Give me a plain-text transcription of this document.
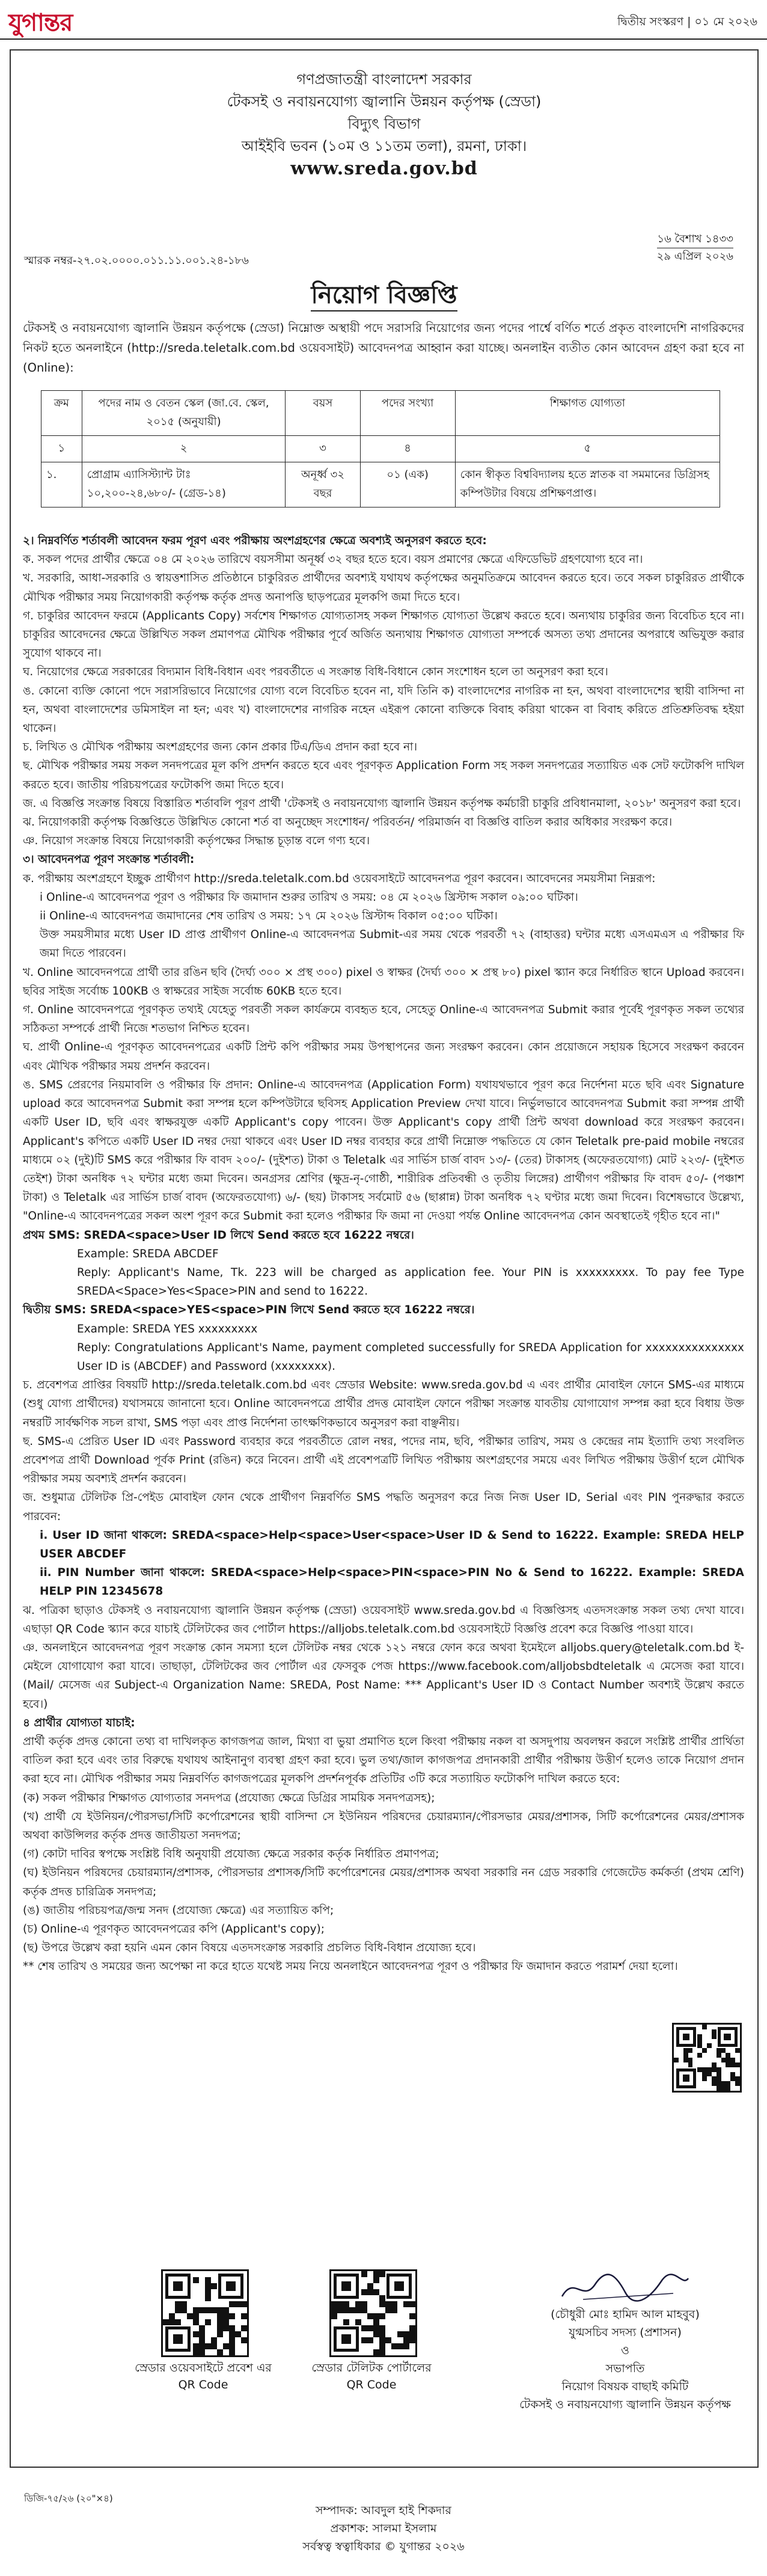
যুগান্তর	দ্বিতীয় সংস্করণ | ০১ মে ২০২৬
গণপ্রজাতন্ত্রী বাংলাদেশ সরকার
টেকসই ও নবায়নযোগ্য জ্বালানি উন্নয়ন কর্তৃপক্ষ (স্রেডা)
বিদ্যুৎ বিভাগ
আইইবি ভবন (১০ম ও ১১তম তলা), রমনা, ঢাকা।
www.sreda.gov.bd
স্মারক নম্বর-২৭.০২.০০০০.০১১.১১.০০১.২৪-১৮৬
১৬ বৈশাখ ১৪৩৩
২৯ এপ্রিল ২০২৬
নিয়োগ বিজ্ঞপ্তি
টেকসই ও নবায়নযোগ্য জ্বালানি উন্নয়ন কর্তৃপক্ষে (স্রেডা) নিম্নোক্ত অস্থায়ী পদে সরাসরি নিয়োগের জন্য পদের পার্শ্বে বর্ণিত শর্তে প্রকৃত বাংলাদেশি নাগরিকদের নিকট হতে অনলাইনে (http://sreda.teletalk.com.bd ওয়েবসাইট) আবেদনপত্র আহ্বান করা যাচ্ছে। অনলাইন ব্যতীত কোন আবেদন গ্রহণ করা হবে না (Online):
ক্রম	পদের নাম ও বেতন স্কেল (জা.বে. স্কেল, ২০১৫ (অনুযায়ী)	বয়স	পদের সংখ্যা	শিক্ষাগত যোগ্যতা
১	২	৩	৪	৫
১.	প্রোগ্রাম এ্যাসিস্ট্যান্ট টাঃ ১০,২০০-২৪,৬৮০/- (গ্রেড-১৪)	অনূর্ধ্ব ৩২ বছর	০১ (এক)	কোন স্বীকৃত বিশ্ববিদ্যালয় হতে স্নাতক বা সমমানের ডিগ্রিসহ কম্পিউটার বিষয়ে প্রশিক্ষণপ্রাপ্ত।

২। নিম্নবর্ণিত শর্তাবলী আবেদন ফরম পূরণ এবং পরীক্ষায় অংশগ্রহণের ক্ষেত্রে অবশ্যই অনুসরণ করতে হবে:

ক. সকল পদের প্রার্থীর ক্ষেত্রে ০৪ মে ২০২৬ তারিখে বয়সসীমা অনূর্ধ্ব ৩২ বছর হতে হবে। বয়স প্রমাণের ক্ষেত্রে এফিডেভিট গ্রহণযোগ্য হবে না।

খ. সরকারি, আধা-সরকারি ও স্বায়ত্তশাসিত প্রতিষ্ঠানে চাকুরিরত প্রার্থীদের অবশ্যই যথাযথ কর্তৃপক্ষের অনুমতিক্রমে আবেদন করতে হবে। তবে সকল চাকুরিরত প্রার্থীকে মৌখিক পরীক্ষার সময় নিয়োগকারী কর্তৃপক্ষ কর্তৃক প্রদত্ত অনাপত্তি ছাড়পত্রের মূলকপি জমা দিতে হবে।

গ. চাকুরির আবেদন ফরমে (Applicants Copy) সর্বশেষ শিক্ষাগত যোগ্যতাসহ সকল শিক্ষাগত যোগ্যতা উল্লেখ করতে হবে। অন্যথায় চাকুরির জন্য বিবেচিত হবে না। চাকুরির আবেদনের ক্ষেত্রে উল্লিখিত সকল প্রমাণপত্র মৌখিক পরীক্ষার পূর্বে অর্জিত অন্যথায় শিক্ষাগত যোগ্যতা সম্পর্কে অসত্য তথ্য প্রদানের অপরাধে অভিযুক্ত করার সুযোগ থাকবে না।

ঘ. নিয়োগের ক্ষেত্রে সরকারের বিদ্যমান বিধি-বিধান এবং পরবর্তীতে এ সংক্রান্ত বিধি-বিধানে কোন সংশোধন হলে তা অনুসরণ করা হবে।

ঙ. কোনো ব্যক্তি কোনো পদে সরাসরিভাবে নিয়োগের যোগ্য বলে বিবেচিত হবেন না, যদি তিনি ক) বাংলাদেশের নাগরিক না হন, অথবা বাংলাদেশের স্থায়ী বাসিন্দা না হন, অথবা বাংলাদেশের ডমিসাইল না হন; এবং খ) বাংলাদেশের নাগরিক নহেন এইরূপ কোনো ব্যক্তিকে বিবাহ করিয়া থাকেন বা বিবাহ করিতে প্রতিশ্রুতিবদ্ধ হইয়া থাকেন।

চ. লিখিত ও মৌখিক পরীক্ষায় অংশগ্রহণের জন্য কোন প্রকার টিএ/ডিএ প্রদান করা হবে না।

ছ. মৌখিক পরীক্ষার সময় সকল সনদপত্রের মূল কপি প্রদর্শন করতে হবে এবং পূরণকৃত Application Form সহ সকল সনদপত্রের সত্যায়িত এক সেট ফটোকপি দাখিল করতে হবে। জাতীয় পরিচয়পত্রের ফটোকপি জমা দিতে হবে।

জ. এ বিজ্ঞপ্তি সংক্রান্ত বিষয়ে বিস্তারিত শর্তাবলি পূরণ প্রার্থী 'টেকসই ও নবায়নযোগ্য জ্বালানি উন্নয়ন কর্তৃপক্ষ কর্মচারী চাকুরি প্রবিধানমালা, ২০১৮' অনুসরণ করা হবে।

ঝ. নিয়োগকারী কর্তৃপক্ষ বিজ্ঞপ্তিতে উল্লিখিত কোনো শর্ত বা অনুচ্ছেদ সংশোধন/ পরিবর্তন/ পরিমার্জন বা বিজ্ঞপ্তি বাতিল করার অধিকার সংরক্ষণ করে।

ঞ. নিয়োগ সংক্রান্ত বিষয়ে নিয়োগকারী কর্তৃপক্ষের সিদ্ধান্ত চূড়ান্ত বলে গণ্য হবে।

৩। আবেদনপত্র পূরণ সংক্রান্ত শর্তাবলী:

ক. পরীক্ষায় অংশগ্রহণে ইচ্ছুক প্রার্থীগণ http://sreda.teletalk.com.bd ওয়েবসাইটে আবেদনপত্র পূরণ করবেন। আবেদনের সময়সীমা নিম্নরূপ:

i Online-এ আবেদনপত্র পূরণ ও পরীক্ষার ফি জমাদান শুরুর তারিখ ও সময়: ০৪ মে ২০২৬ খ্রিস্টাব্দ সকাল ০৯:০০ ঘটিকা।

ii Online-এ আবেদনপত্র জমাদানের শেষ তারিখ ও সময়: ১৭ মে ২০২৬ খ্রিস্টাব্দ বিকাল ০৫:০০ ঘটিকা।

উক্ত সময়সীমার মধ্যে User ID প্রাপ্ত প্রার্থীগণ Online-এ আবেদনপত্র Submit-এর সময় থেকে পরবর্তী ৭২ (বাহাত্তর) ঘন্টার মধ্যে এসএমএস এ পরীক্ষার ফি জমা দিতে পারবেন।

খ. Online আবেদনপত্রে প্রার্থী তার রঙিন ছবি (দৈর্ঘ্য ৩০০ × প্রস্থ ৩০০) pixel ও স্বাক্ষর (দৈর্ঘ্য ৩০০ × প্রস্থ ৮০) pixel স্ক্যান করে নির্ধারিত স্থানে Upload করবেন। ছবির সাইজ সর্বোচ্চ 100KB ও স্বাক্ষরের সাইজ সর্বোচ্চ 60KB হতে হবে।

গ. Online আবেদনপত্রে পূরণকৃত তথ্যই যেহেতু পরবর্তী সকল কার্যক্রমে ব্যবহৃত হবে, সেহেতু Online-এ আবেদনপত্র Submit করার পূর্বেই পূরণকৃত সকল তথ্যের সঠিকতা সম্পর্কে প্রার্থী নিজে শতভাগ নিশ্চিত হবেন।

ঘ. প্রার্থী Online-এ পূরণকৃত আবেদনপত্রের একটি প্রিন্ট কপি পরীক্ষার সময় উপস্থাপনের জন্য সংরক্ষণ করবেন। কোন প্রয়োজনে সহায়ক হিসেবে সংরক্ষণ করবেন এবং মৌখিক পরীক্ষার সময় প্রদর্শন করবেন।

ঙ. SMS প্রেরণের নিয়মাবলি ও পরীক্ষার ফি প্রদান: Online-এ আবেদনপত্র (Application Form) যথাযথভাবে পূরণ করে নির্দেশনা মতে ছবি এবং Signature upload করে আবেদনপত্র Submit করা সম্পন্ন হলে কম্পিউটারে ছবিসহ Application Preview দেখা যাবে। নির্ভুলভাবে আবেদনপত্র Submit করা সম্পন্ন প্রার্থী একটি User ID, ছবি এবং স্বাক্ষরযুক্ত একটি Applicant's copy পাবেন। উক্ত Applicant's copy প্রার্থী প্রিন্ট অথবা download করে সংরক্ষণ করবেন। Applicant's কপিতে একটি User ID নম্বর দেয়া থাকবে এবং User ID নম্বর ব্যবহার করে প্রার্থী নিম্নোক্ত পদ্ধতিতে যে কোন Teletalk pre-paid mobile নম্বরের মাধ্যমে ০২ (দুই)টি SMS করে পরীক্ষার ফি বাবদ ২০০/- (দুইশত) টাকা ও Teletalk এর সার্ভিস চার্জ বাবদ ১৩/- (তের) টাকাসহ (অফেরতযোগ্য) মোট ২২৩/- (দুইশত তেইশ) টাকা অনধিক ৭২ ঘন্টার মধ্যে জমা দিবেন। অনগ্রসর শ্রেণির (ক্ষুদ্র-নৃ-গোষ্ঠী, শারীরিক প্রতিবন্ধী ও তৃতীয় লিঙ্গের) প্রার্থীগণ পরীক্ষার ফি বাবদ ৫০/- (পঞ্চাশ টাকা) ও Teletalk এর সার্ভিস চার্জ বাবদ (অফেরতযোগ্য) ৬/- (ছয়) টাকাসহ সর্বমোট ৫৬ (ছাপ্পান্ন) টাকা অনধিক ৭২ ঘণ্টার মধ্যে জমা দিবেন। বিশেষভাবে উল্লেখ্য, "Online-এ আবেদনপত্রের সকল অংশ পূরণ করে Submit করা হলেও পরীক্ষার ফি জমা না দেওয়া পর্যন্ত Online আবেদনপত্র কোন অবস্থাতেই গৃহীত হবে না।"

প্রথম SMS: SREDA<space>User ID লিখে Send করতে হবে 16222 নম্বরে।

Example: SREDA ABCDEF

Reply: Applicant's Name, Tk. 223 will be charged as application fee. Your PIN is xxxxxxxxx. To pay fee Type SREDA<Space>Yes<Space>PIN and send to 16222.

দ্বিতীয় SMS: SREDA<space>YES<space>PIN লিখে Send করতে হবে 16222 নম্বরে।

Example: SREDA YES xxxxxxxxx

Reply: Congratulations Applicant's Name, payment completed successfully for SREDA Application for xxxxxxxxxxxxxxx User ID is (ABCDEF) and Password (xxxxxxxx).

চ. প্রবেশপত্র প্রাপ্তির বিষয়টি http://sreda.teletalk.com.bd এবং স্রেডার Website: www.sreda.gov.bd এ এবং প্রার্থীর মোবাইল ফোনে SMS-এর মাধ্যমে (শুধু যোগ্য প্রার্থীদের) যথাসময়ে জানানো হবে। Online আবেদনপত্রে প্রার্থীর প্রদত্ত মোবাইল ফোনে পরীক্ষা সংক্রান্ত যাবতীয় যোগাযোগ সম্পন্ন করা হবে বিধায় উক্ত নম্বরটি সার্বক্ষণিক সচল রাখা, SMS পড়া এবং প্রাপ্ত নির্দেশনা তাৎক্ষণিকভাবে অনুসরণ করা বাঞ্ছনীয়।

ছ. SMS-এ প্রেরিত User ID এবং Password ব্যবহার করে পরবর্তীতে রোল নম্বর, পদের নাম, ছবি, পরীক্ষার তারিখ, সময় ও কেন্দ্রের নাম ইত্যাদি তথ্য সংবলিত প্রবেশপত্র প্রার্থী Download পূর্বক Print (রঙিন) করে নিবেন। প্রার্থী এই প্রবেশপত্রটি লিখিত পরীক্ষায় অংশগ্রহণের সময়ে এবং লিখিত পরীক্ষায় উত্তীর্ণ হলে মৌখিক পরীক্ষার সময় অবশ্যই প্রদর্শন করবেন।

জ. শুধুমাত্র টেলিটক প্রি-পেইড মোবাইল ফোন থেকে প্রার্থীগণ নিম্নবর্ণিত SMS পদ্ধতি অনুসরণ করে নিজ নিজ User ID, Serial এবং PIN পুনরুদ্ধার করতে পারবেন:

i. User ID জানা থাকলে: SREDA<space>Help<space>User<space>User ID & Send to 16222. Example: SREDA HELP USER ABCDEF

ii. PIN Number জানা থাকলে: SREDA<space>Help<space>PIN<space>PIN No & Send to 16222. Example: SREDA HELP PIN 12345678

ঝ. পত্রিকা ছাড়াও টেকসই ও নবায়নযোগ্য জ্বালানি উন্নয়ন কর্তৃপক্ষ (স্রেডা) ওয়েবসাইট www.sreda.gov.bd এ বিজ্ঞপ্তিসহ এতদসংক্রান্ত সকল তথ্য দেখা যাবে। এছাড়া QR Code স্ক্যান করে যাচাই টেলিটকের জব পোর্টাল https://alljobs.teletalk.com.bd ওয়েবসাইটে বিজ্ঞপ্তি প্রবেশ করে বিজ্ঞপ্তি পাওয়া যাবে।

ঞ. অনলাইনে আবেদনপত্র পূরণ সংক্রান্ত কোন সমস্যা হলে টেলিটক নম্বর থেকে ১২১ নম্বরে ফোন করে অথবা ইমেইলে alljobs.query@teletalk.com.bd ই-মেইলে যোগাযোগ করা যাবে। তাছাড়া, টেলিটকের জব পোর্টাল এর ফেসবুক পেজ https://www.facebook.com/alljobsbdteletalk এ মেসেজ করা যাবে। (Mail/ মেসেজ এর Subject-এ Organization Name: SREDA, Post Name: *** Applicant's User ID ও Contact Number অবশ্যই উল্লেখ করতে হবে।)

৪ প্রার্থীর যোগ্যতা যাচাই:

প্রার্থী কর্তৃক প্রদত্ত কোনো তথ্য বা দাখিলকৃত কাগজপত্র জাল, মিথ্যা বা ভুয়া প্রমাণিত হলে কিংবা পরীক্ষায় নকল বা অসদুপায় অবলম্বন করলে সংশ্লিষ্ট প্রার্থীর প্রার্থিতা বাতিল করা হবে এবং তার বিরুদ্ধে যথাযথ আইনানুগ ব্যবস্থা গ্রহণ করা হবে। ভুল তথ্য/জাল কাগজপত্র প্রদানকারী প্রার্থীর পরীক্ষায় উত্তীর্ণ হলেও তাকে নিয়োগ প্রদান করা হবে না। মৌখিক পরীক্ষার সময় নিম্নবর্ণিত কাগজপত্রের মূলকপি প্রদর্শনপূর্বক প্রতিটির ৩টি করে সত্যায়িত ফটোকপি দাখিল করতে হবে:

(ক) সকল পরীক্ষার শিক্ষাগত যোগ্যতার সনদপত্র (প্রযোজ্য ক্ষেত্রে ডিগ্রির সাময়িক সনদপত্রসহ);

(খ) প্রার্থী যে ইউনিয়ন/পৌরসভা/সিটি কর্পোরেশনের স্থায়ী বাসিন্দা সে ইউনিয়ন পরিষদের চেয়ারম্যান/পৌরসভার মেয়র/প্রশাসক, সিটি কর্পোরেশনের মেয়র/প্রশাসক অথবা কাউন্সিলর কর্তৃক প্রদত্ত জাতীয়তা সনদপত্র;

(গ) কোটা দাবির স্বপক্ষে সংশ্লিষ্ট বিধি অনুযায়ী প্রযোজ্য ক্ষেত্রে সরকার কর্তৃক নির্ধারিত প্রমাণপত্র;

(ঘ) ইউনিয়ন পরিষদের চেয়ারম্যান/প্রশাসক, পৌরসভার প্রশাসক/সিটি কর্পোরেশনের মেয়র/প্রশাসক অথবা সরকারি নন গ্রেড সরকারি গেজেটেড কর্মকর্তা (প্রথম শ্রেণি) কর্তৃক প্রদত্ত চারিত্রিক সনদপত্র;

(ঙ) জাতীয় পরিচয়পত্র/জন্ম সনদ (প্রযোজ্য ক্ষেত্রে) এর সত্যায়িত কপি;

(চ) Online-এ পূরণকৃত আবেদনপত্রের কপি (Applicant's copy);

(ছ) উপরে উল্লেখ করা হয়নি এমন কোন বিষয়ে এতদসংক্রান্ত সরকারি প্রচলিত বিধি-বিধান প্রযোজ্য হবে।

** শেষ তারিখ ও সময়ের জন্য অপেক্ষা না করে হাতে যথেষ্ট সময় নিয়ে অনলাইনে আবেদনপত্র পূরণ ও পরীক্ষার ফি জমাদান করতে পরামর্শ দেয়া হলো।

স্রেডার ওয়েবসাইটে প্রবেশ এর
QR Code
স্রেডার টেলিটক পোর্টালের
QR Code
(চৌধুরী মোঃ হামিদ আল মাহবুব)
যুগ্মসচিব সদস্য (প্রশাসন)
ও
সভাপতি
নিয়োগ বিষয়ক বাছাই কমিটি
টেকসই ও নবায়নযোগ্য জ্বালানি উন্নয়ন কর্তৃপক্ষ
ডিজি-৭৫/২৬ (২০"×৪)
সম্পাদক: আবদুল হাই শিকদার
প্রকাশক: সালমা ইসলাম
সর্বস্বত্ব স্বত্বাধিকার © যুগান্তর ২০২৬
